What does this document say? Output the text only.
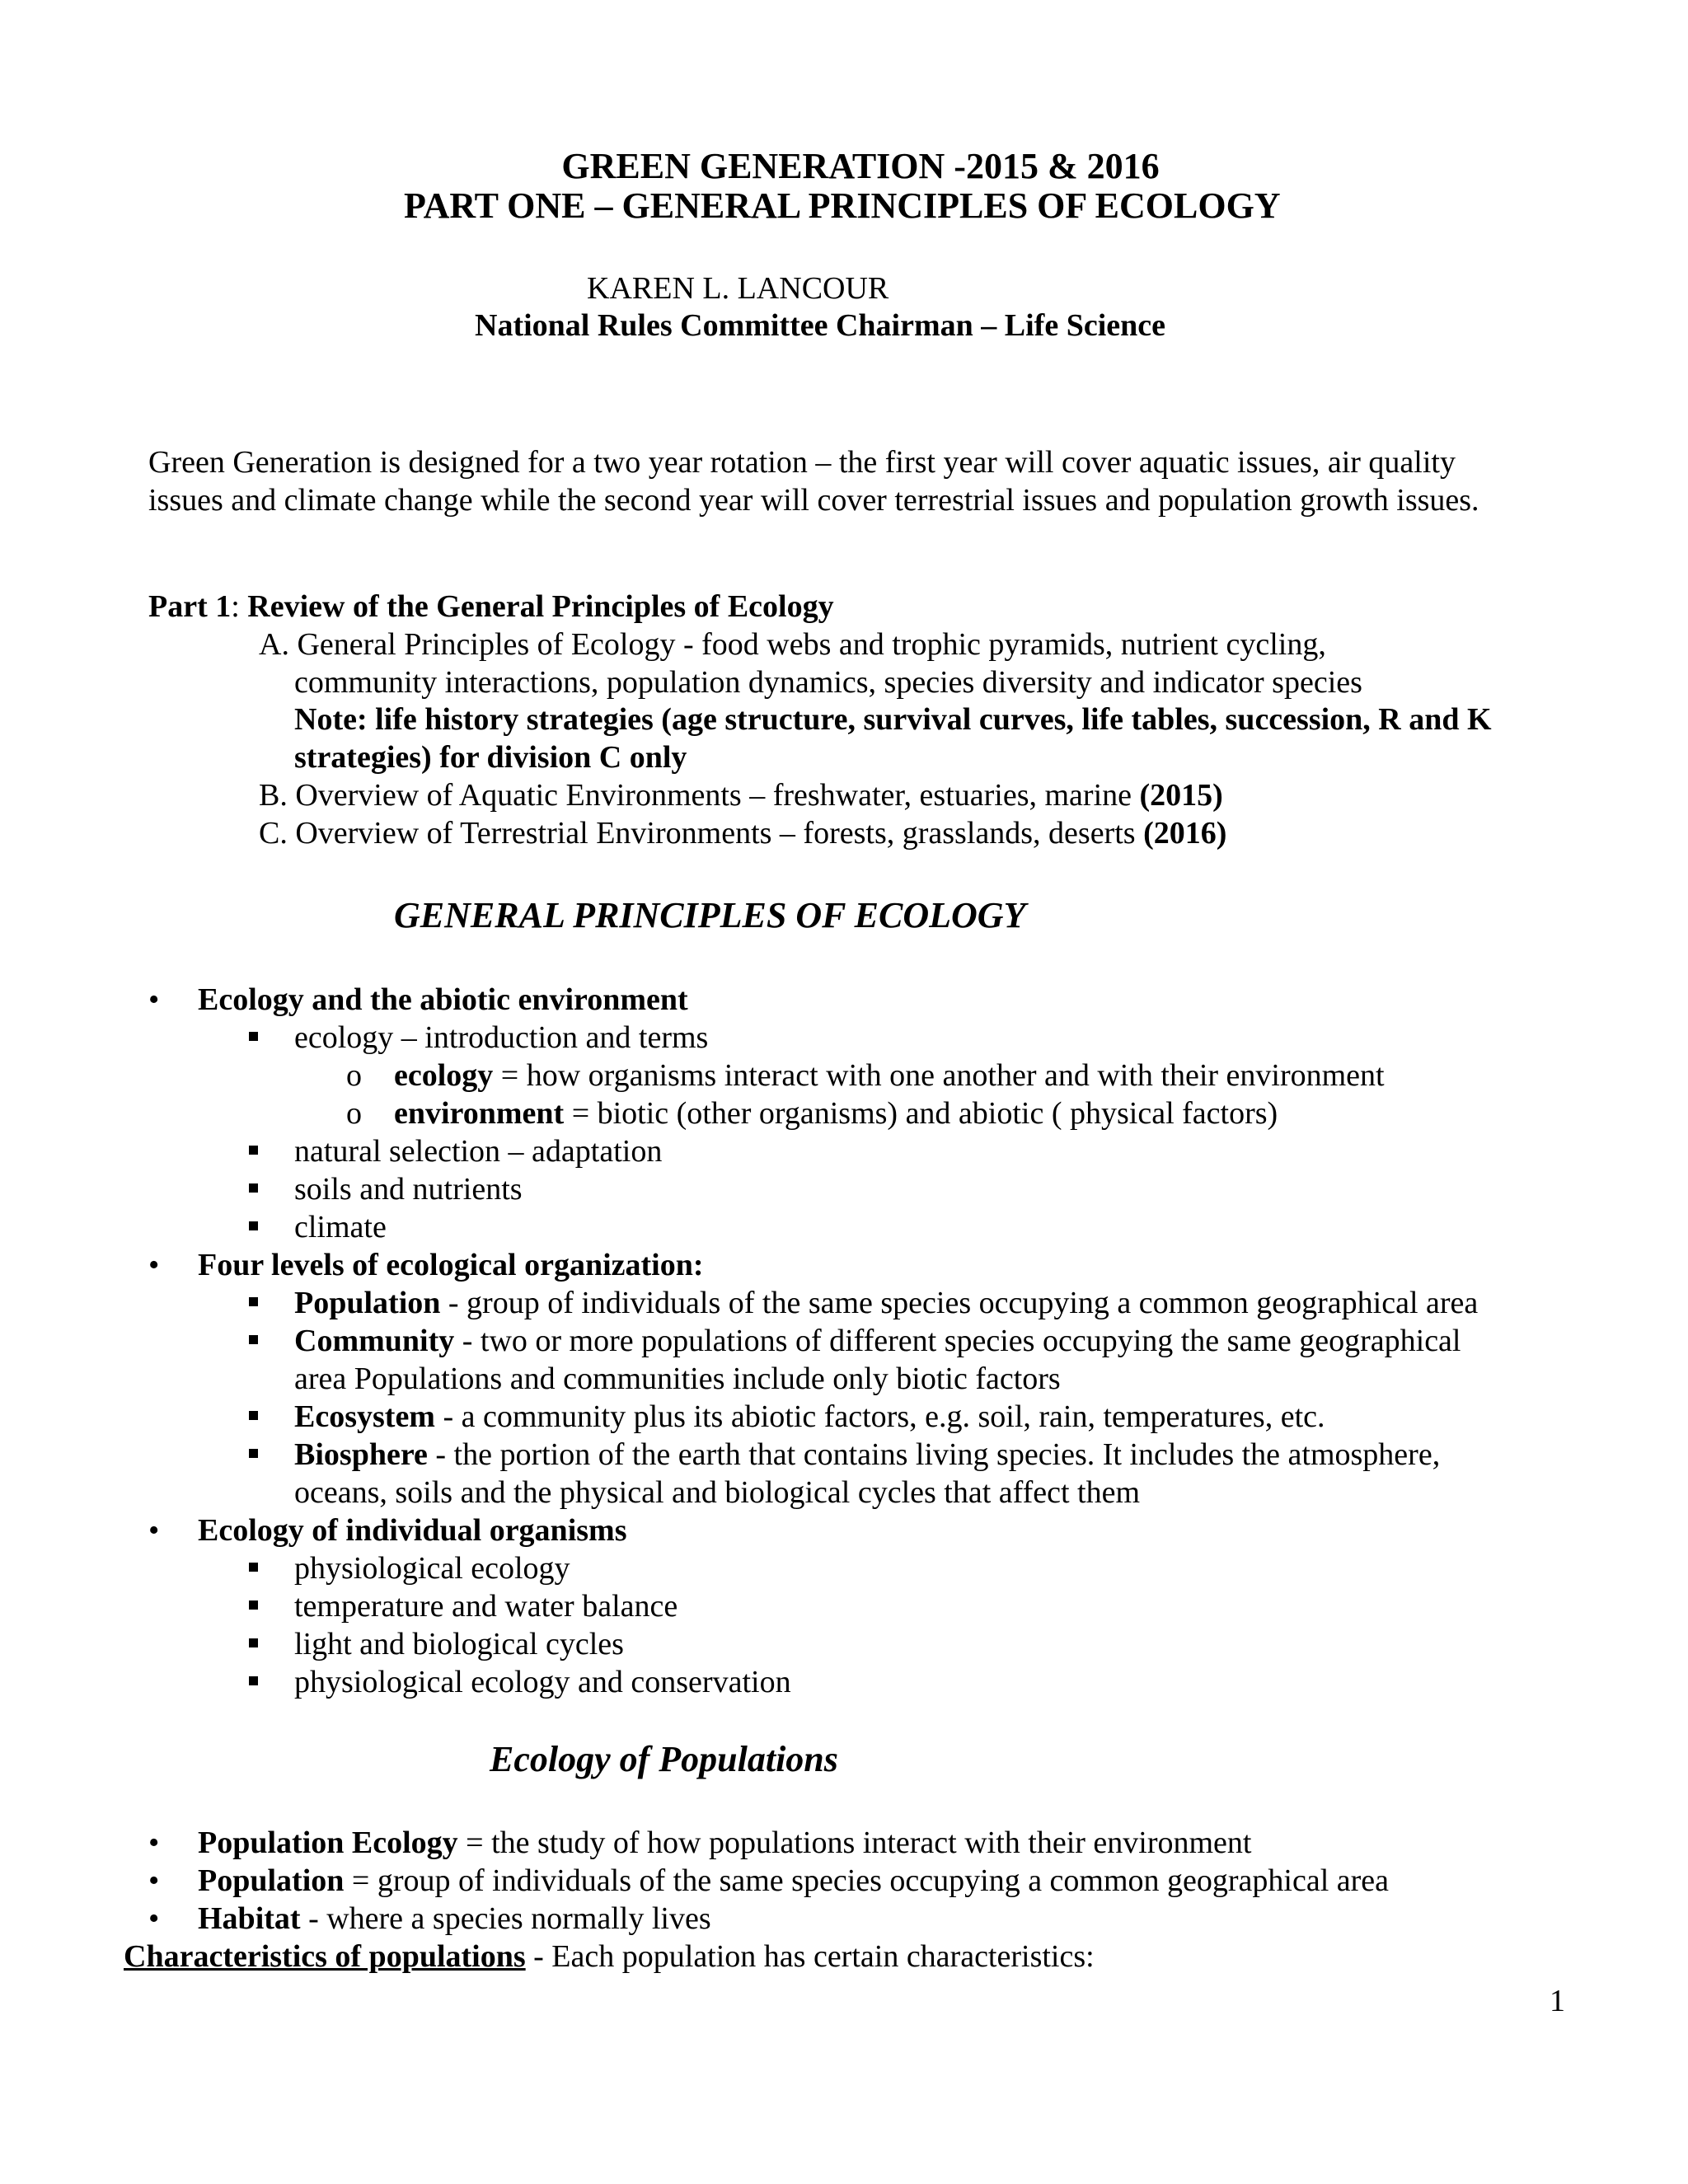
GREEN GENERATION -2015 & 2016
PART ONE – GENERAL PRINCIPLES OF ECOLOGY
KAREN L. LANCOUR
National Rules Committee Chairman – Life Science
Green Generation is designed for a two year rotation – the first year will cover aquatic issues, air quality
issues and climate change while the second year will cover terrestrial issues and population growth issues.
Part 1: Review of the General Principles of Ecology
A. General Principles of Ecology - food webs and trophic pyramids, nutrient cycling,
community interactions, population dynamics, species diversity and indicator species
Note: life history strategies (age structure, survival curves, life tables, succession, R and K
strategies) for division C only
B. Overview of Aquatic Environments – freshwater, estuaries, marine (2015)
C. Overview of Terrestrial Environments – forests, grasslands, deserts (2016)
GENERAL PRINCIPLES OF ECOLOGY
• Ecology and the abiotic environment
ecology – introduction and terms
o ecology = how organisms interact with one another and with their environment
o environment = biotic (other organisms) and abiotic ( physical factors)
natural selection – adaptation
soils and nutrients
climate
• Four levels of ecological organization:
Population - group of individuals of the same species occupying a common geographical area
Community - two or more populations of different species occupying the same geographical
area Populations and communities include only biotic factors
Ecosystem - a community plus its abiotic factors, e.g. soil, rain, temperatures, etc.
Biosphere - the portion of the earth that contains living species. It includes the atmosphere,
oceans, soils and the physical and biological cycles that affect them
• Ecology of individual organisms
physiological ecology
temperature and water balance
light and biological cycles
physiological ecology and conservation
Ecology of Populations
• Population Ecology = the study of how populations interact with their environment
• Population = group of individuals of the same species occupying a common geographical area
• Habitat - where a species normally lives
Characteristics of populations - Each population has certain characteristics:
1
